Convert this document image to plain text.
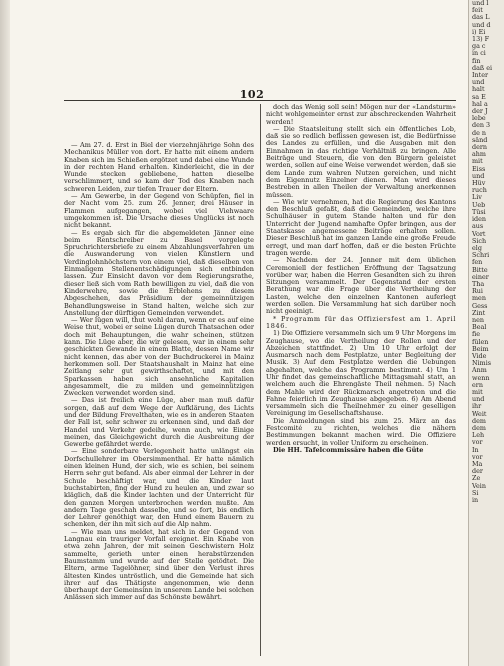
102

— Am 27. d. Erst in Biel der vierzehnjährige Sohn des Mechanikus Müller von dort. Er hatte mit einem andern Knaben sich im Schießen ergötzet und dabei eine Wunde in der rechten Hand erhalten. Kinderleicht, die in der Wunde stecken gebliebene, hatten dieselbe verschlimmert, und so kam der Tod des Knaben nach schweren Leiden, zur tiefen Trauer der Eltern.

— Am Gewerbe, in der Gegend von Schüpfen, fiel in der Nacht vom 25. zum 26. Jenner, drei Häuser in Flammen aufgegangen, wobei viel Viehwaare umgekommen ist. Die Ursache dieses Unglücks ist noch nicht bekannt.

— Es ergab sich für die abgemeldeten Jänner eine beim Rentschreiber zu Basel vorgelegte Spruchrichtersbriefe zu einem Abzahlungsverfahren um die Auswanderung von vielen Künstlern und Verdinglohnhöchstern von einem viel, daß dieselben von Einmaligem Stellenentschädigungen sich entbinden lassen. Zur Einsicht davon vor dem Regierungsrathe, dieser ließ sich vom Rath bewilligen zu viel, daß die von Kinderwehre, sowie die Erblehens zu diesem Abgeschehen, das Präsidium der gemeinnützigen Behandlungsweise in Stand halten, welche sich zur Anstellung der dürftigen Gemeinden verwendet.

— Wer lügen will, thut wohl daran, wenn er es auf eine Weise thut, wobei er seine Lügen durch Thatsachen oder doch mit Behauptungen, die wahr scheinen, stützen kann. Die Lüge aber, die wir gelesen, war in einem sehr geschickten Gewande in einem Blatte, dessen Name wir nicht kennen, das aber von der Buchdruckerei in Mainz herkommen soll. Der Staatshaushalt in Mainz hat eine Zeitlang sehr gut gewirthschaftet, und mit den Sparkassen haben sich ansehnliche Kapitalien angesammelt, die zu milden und gemeinnützigen Zwecken verwendet worden sind.

— Das ist freilich eine Lüge, aber man muß dafür sorgen, daß auf dem Wege der Aufklärung, des Lichts und der Bildung Frevelthaten, wie es in anderen Staaten der Fall ist, sehr schwer zu erkennen sind, und daß der Handel und Verkehr gedeihe, wenn auch, wie Einige meinen, das Gleichgewicht durch die Ausbreitung der Gewerbe gefährdet werde.

— Eine sonderbare Verlegenheit hatte unlängst ein Dorfschullehrer im Obersimmenthal. Er hatte nämlich einen kleinen Hund, der sich, wie es schien, bei seinem Herrn sehr gut befand. Als aber einmal der Lehrer in der Schule beschäftigt war, und die Kinder laut buchstabirten, fing der Hund zu heulen an, und zwar so kläglich, daß die Kinder lachten und der Unterricht für den ganzen Morgen unterbrochen werden mußte. Am andern Tage geschah dasselbe, und so fort, bis endlich der Lehrer genöthigt war, den Hund einem Bauern zu schenken, der ihn mit sich auf die Alp nahm.

— Wie man uns meldet, hat sich in der Gegend von Langnau ein trauriger Vorfall ereignet. Ein Knabe von etwa zehn Jahren, der mit seinen Geschwistern Holz sammelte, gerieth unter einen herabstürzenden Baumstamm und wurde auf der Stelle getödtet. Die Eltern, arme Tagelöhner, sind über den Verlust ihres ältesten Kindes untröstlich, und die Gemeinde hat sich ihrer auf das Thätigste angenommen, wie denn überhaupt der Gemeinsinn in unserem Lande bei solchen Anlässen sich immer auf das Schönste bewährt.

doch das Wenig soll sein! Mögen nur der «Landsturm» nicht wohlgemeinter ernst zur abschreckenden Wahrheit werden!

— Die Staatsleitung stellt sich ein öffentliches Lob, daß sie so redlich beflissen gewesen ist, die Bedürfnisse des Landes zu erfüllen, und die Ausgaben mit den Einnahmen in das richtige Verhältniß zu bringen. Alle Beiträge und Steuern, die von den Bürgern geleistet werden, sollen auf eine Weise verwendet werden, daß sie dem Lande zum wahren Nutzen gereichen, und nicht dem Eigennutz Einzelner dienen. Man wird dieses Bestreben in allen Theilen der Verwaltung anerkennen müssen.

— Wie wir vernehmen, hat die Regierung des Kantons den Beschluß gefaßt, daß die Gemeinden, welche ihre Schulhäuser in gutem Stande halten und für den Unterricht der Jugend namhafte Opfer bringen, aus der Staatskasse angemessene Beiträge erhalten sollen. Dieser Beschluß hat im ganzen Lande eine große Freude erregt, und man darf hoffen, daß er die besten Früchte tragen werde.

— Nachdem der 24. Jenner mit dem üblichen Ceremoniell der festlichen Eröffnung der Tagsatzung vorüber war, haben die Herren Gesandten sich zu ihren Sitzungen versammelt. Der Gegenstand der ersten Berathung war die Frage über die Vertheilung der Lasten, welche den einzelnen Kantonen auferlegt werden sollen. Die Versammlung hat sich darüber noch nicht geeinigt.

* Programm für das Offiziersfest am 1. April 1846.

1) Die Offiziere versammeln sich um 9 Uhr Morgens im Zeughause, wo die Vertheilung der Rollen und der Abzeichen stattfindet. 2) Um 10 Uhr erfolgt der Ausmarsch nach dem Festplatze, unter Begleitung der Musik. 3) Auf dem Festplatze werden die Uebungen abgehalten, welche das Programm bestimmt. 4) Um 1 Uhr findet das gemeinschaftliche Mittagsmahl statt, an welchem auch die Ehrengäste Theil nehmen. 5) Nach dem Mahle wird der Rückmarsch angetreten und die Fahne feierlich im Zeughause abgegeben. 6) Am Abend versammeln sich die Theilnehmer zu einer geselligen Vereinigung im Gesellschaftshause.

Die Anmeldungen sind bis zum 25. März an das Festcomité zu richten, welches die nähern Bestimmungen bekannt machen wird. Die Offiziere werden ersucht, in voller Uniform zu erscheinen.

Die HH. Tafelcommissäre haben die Güte

und l
feit
das L
und d
i) Ei
13) F
ga c
in ci
fin
daß ei
Inter
und
halt
sa E
hal a
der J
lebe
den 3
de n
sänd
dern
ahm
mit
Eiss
und
Hüv
ruch
Liv
Ueb
Tüsi
iden
aus
Vort
Sich
elg
Schri
fen
Bitte
einer
Tha
Rui
men
Gess
Zint
nen
Beal
fie
fülen
Beim
Vide
Nimis
Anm
wenn
ern
mit
und
ihr
Weit
dem
dem
Leh
vor
In
vor
Ma
der
Ze
Vein
Si
in
